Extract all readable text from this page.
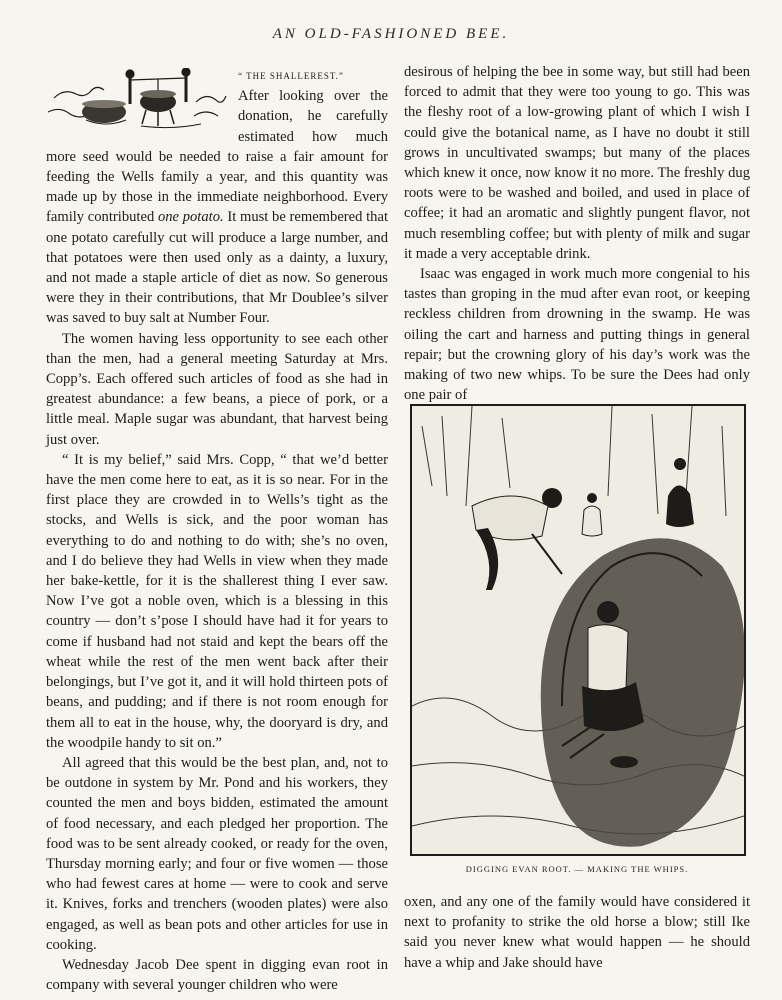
AN OLD-FASHIONED BEE.

“ THE SHALLEREST.”
After looking over the donation, he carefully estimated how much more seed would be needed to raise a fair amount for feeding the Wells family a year, and this quantity was made up by those in the immediate neighborhood. Every family contributed one potato. It must be remembered that one potato carefully cut will produce a large number, and that potatoes were then used only as a dainty, a luxury, and not made a staple article of diet as now. So generous were they in their contributions, that Mr Doublee’s silver was saved to buy salt at Number Four.

The women having less opportunity to see each other than the men, had a general meeting Saturday at Mrs. Copp’s. Each offered such articles of food as she had in greatest abundance: a few beans, a piece of pork, or a little meal. Maple sugar was abundant, that harvest being just over.

“ It is my belief,” said Mrs. Copp, “ that we’d better have the men come here to eat, as it is so near. For in the first place they are crowded in to Wells’s tight as the stocks, and Wells is sick, and the poor woman has everything to do and nothing to do with; she’s no oven, and I do believe they had Wells in view when they made her bake-kettle, for it is the shallerest thing I ever saw. Now I’ve got a noble oven, which is a blessing in this country — don’t s’pose I should have had it for years to come if husband had not staid and kept the bears off the wheat while the rest of the men went back after their belongings, but I’ve got it, and it will hold thirteen pots of beans, and pudding; and if there is not room enough for them all to eat in the house, why, the dooryard is dry, and the woodpile handy to sit on.”

All agreed that this would be the best plan, and, not to be outdone in system by Mr. Pond and his workers, they counted the men and boys bidden, estimated the amount of food necessary, and each pledged her proportion. The food was to be sent already cooked, or ready for the oven, Thursday morning early; and four or five women — those who had fewest cares at home — were to cook and serve it. Knives, forks and trenchers (wooden plates) were also engaged, as well as bean pots and other articles for use in cooking.

Wednesday Jacob Dee spent in digging evan root in company with several younger children who were

desirous of helping the bee in some way, but still had been forced to admit that they were too young to go. This was the fleshy root of a low-growing plant of which I wish I could give the botanical name, as I have no doubt it still grows in uncultivated swamps; but many of the places which knew it once, now know it no more. The freshly dug roots were to be washed and boiled, and used in place of coffee; it had an aromatic and slightly pungent flavor, not much resembling coffee; but with plenty of milk and sugar it made a very acceptable drink.

Isaac was engaged in work much more congenial to his tastes than groping in the mud after evan root, or keeping reckless children from drowning in the swamp. He was oiling the cart and harness and putting things in general repair; but the crowning glory of his day’s work was the making of two new whips. To be sure the Dees had only one pair of

DIGGING EVAN ROOT. — MAKING THE WHIPS.

oxen, and any one of the family would have considered it next to profanity to strike the old horse a blow; still Ike said you never knew what would happen — he should have a whip and Jake should have
